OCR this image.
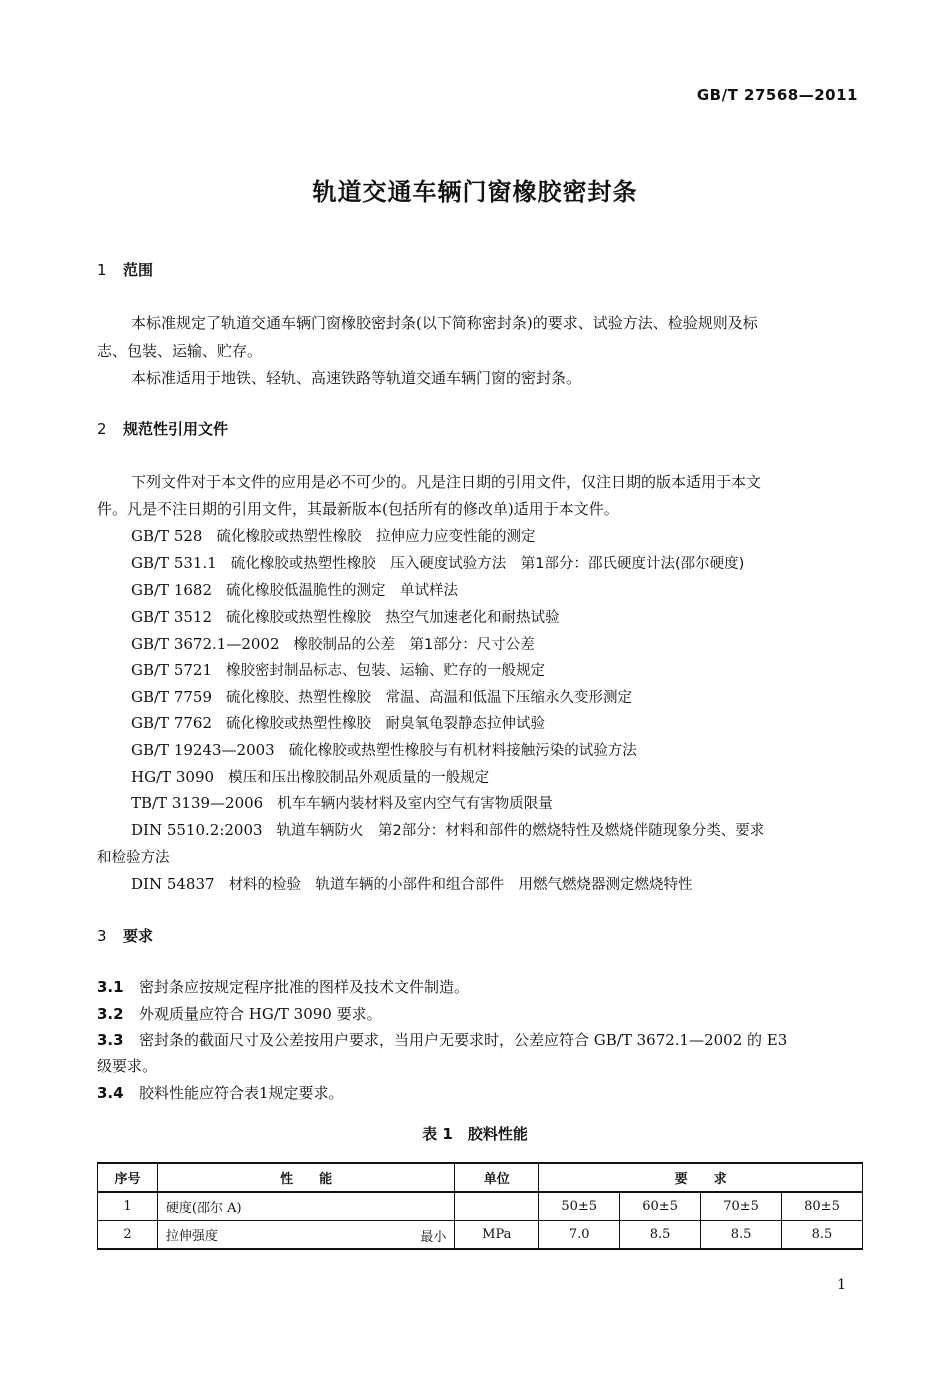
GB/T 27568—2011
轨道交通车辆门窗橡胶密封条
1 范围
本标准规定了轨道交通车辆门窗橡胶密封条(以下简称密封条)的要求、试验方法、检验规则及标
志、包装、运输、贮存。
本标准适用于地铁、轻轨、高速铁路等轨道交通车辆门窗的密封条。
2 规范性引用文件
下列文件对于本文件的应用是必不可少的。凡是注日期的引用文件，仅注日期的版本适用于本文
件。凡是不注日期的引用文件，其最新版本(包括所有的修改单)适用于本文件。
GB/T 528 硫化橡胶或热塑性橡胶　拉伸应力应变性能的测定
GB/T 531.1 硫化橡胶或热塑性橡胶　压入硬度试验方法　第1部分：邵氏硬度计法(邵尔硬度)
GB/T 1682 硫化橡胶低温脆性的测定　单试样法
GB/T 3512 硫化橡胶或热塑性橡胶　热空气加速老化和耐热试验
GB/T 3672.1—2002 橡胶制品的公差　第1部分：尺寸公差
GB/T 5721 橡胶密封制品标志、包装、运输、贮存的一般规定
GB/T 7759 硫化橡胶、热塑性橡胶　常温、高温和低温下压缩永久变形测定
GB/T 7762 硫化橡胶或热塑性橡胶　耐臭氧龟裂静态拉伸试验
GB/T 19243—2003 硫化橡胶或热塑性橡胶与有机材料接触污染的试验方法
HG/T 3090 模压和压出橡胶制品外观质量的一般规定
TB/T 3139—2006 机车车辆内装材料及室内空气有害物质限量
DIN 5510.2:2003 轨道车辆防火　第2部分：材料和部件的燃烧特性及燃烧伴随现象分类、要求
和检验方法
DIN 54837 材料的检验　轨道车辆的小部件和组合部件　用燃气燃烧器测定燃烧特性
3 要求
3.1 密封条应按规定程序批准的图样及技术文件制造。
3.2 外观质量应符合 HG/T 3090 要求。
3.3 密封条的截面尺寸及公差按用户要求，当用户无要求时，公差应符合 GB/T 3672.1—2002 的 E3
级要求。
3.4 胶料性能应符合表1规定要求。
表 1　胶料性能
序号	性　　能	单位	要　　求			
1	硬度(邵尔 A)		50±5	60±5	70±5	80±5
2	拉伸强度 最小	MPa	7.0	8.5	8.5	8.5
1
